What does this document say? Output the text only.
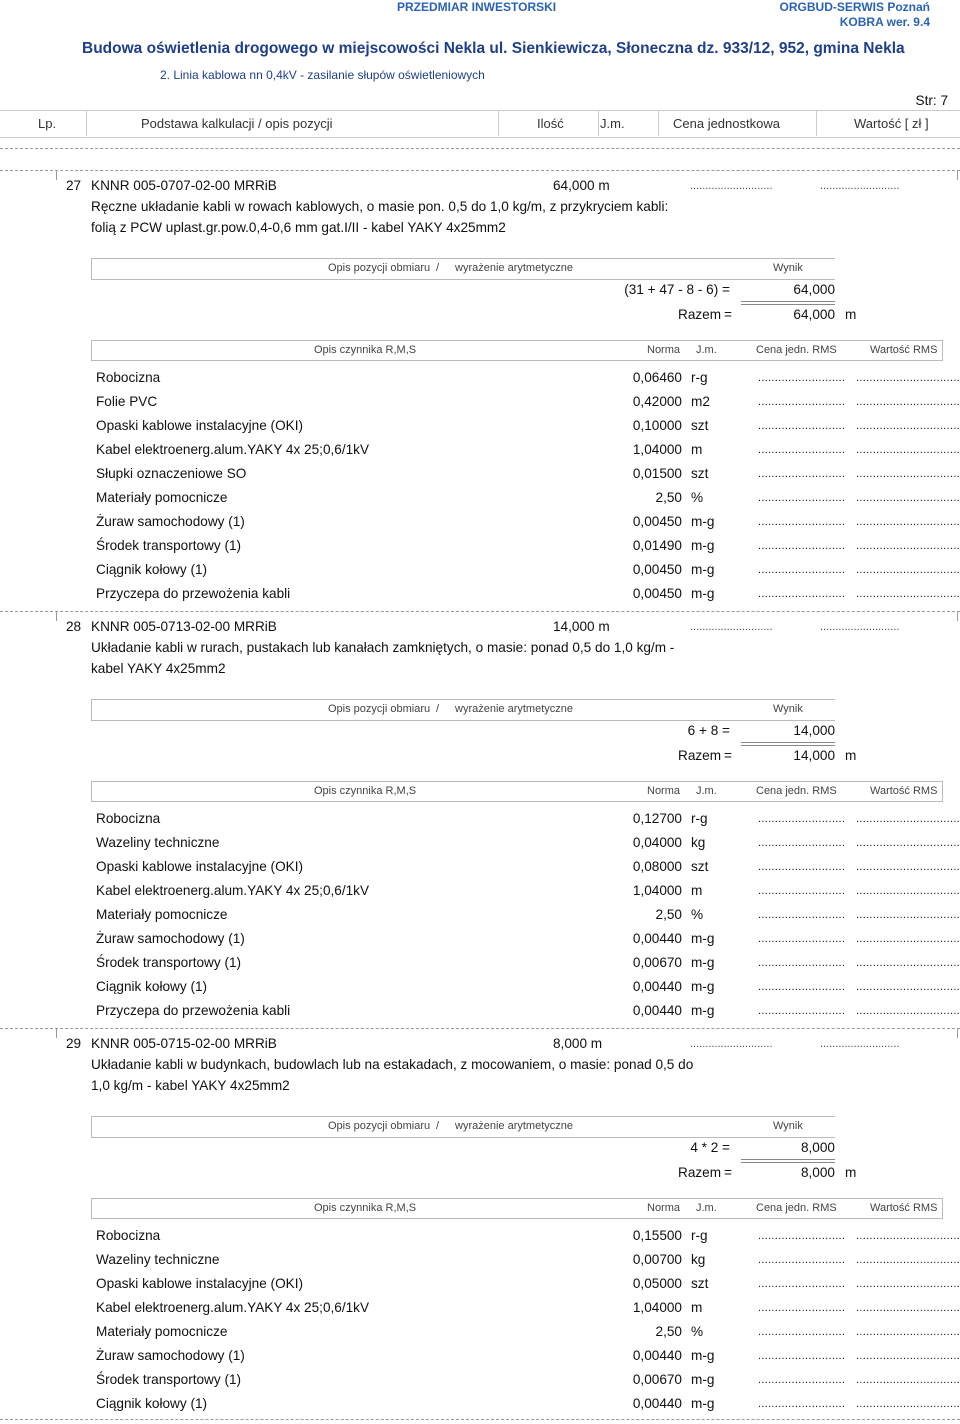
PRZEDMIAR INWESTORSKI	ORGBUD-SERWIS Poznań
KOBRA wer. 9.4
Budowa oświetlenia drogowego w miejscowości Nekla ul. Sienkiewicza, Słoneczna dz. 933/12, 952, gmina Nekla
2. Linia kablowa nn 0,4kV - zasilanie słupów oświetleniowych
Str: 7
Lp.	Podstawa kalkulacji / opis pozycji	Ilość	J.m.	Cena jednostkowa	Wartość [ zł ]
27 KNNR 005-0707-02-00 MRRiB	64,000 m	...........................	..........................
Ręczne układanie kabli w rowach kablowych, o masie pon. 0,5 do 1,0 kg/m, z przykryciem kabli:
folią z PCW uplast.gr.pow.0,4-0,6 mm gat.I/II - kabel YAKY 4x25mm2
Opis pozycji obmiaru / wyrażenie arytmetyczne	Wynik
(31 + 47 - 8 - 6) =	64,000
Razem =	64,000 m
Opis czynnika R,M,S	Norma J.m.	Cena jedn. RMS	Wartość RMS
Robocizna	0,06460 r-g	.......................... ...............................
Folie PVC	0,42000 m2	.......................... ...............................
Opaski kablowe instalacyjne (OKI)	0,10000 szt	.......................... ...............................
Kabel elektroenerg.alum.YAKY 4x 25;0,6/1kV	1,04000 m	.......................... ...............................
Słupki oznaczeniowe SO	0,01500 szt	.......................... ...............................
Materiały pomocnicze	2,50 %	.......................... ...............................
Żuraw samochodowy (1)	0,00450 m-g	.......................... ...............................
Środek transportowy (1)	0,01490 m-g	.......................... ...............................
Ciągnik kołowy (1)	0,00450 m-g	.......................... ...............................
Przyczepa do przewożenia kabli	0,00450 m-g	.......................... ...............................
28 KNNR 005-0713-02-00 MRRiB	14,000 m	...........................	..........................
Układanie kabli w rurach, pustakach lub kanałach zamkniętych, o masie: ponad 0,5 do 1,0 kg/m -
kabel YAKY 4x25mm2
Opis pozycji obmiaru / wyrażenie arytmetyczne	Wynik
6 + 8 =	14,000
Razem =	14,000 m
Opis czynnika R,M,S	Norma J.m.	Cena jedn. RMS	Wartość RMS
Robocizna	0,12700 r-g	.......................... ...............................
Wazeliny techniczne	0,04000 kg	.......................... ...............................
Opaski kablowe instalacyjne (OKI)	0,08000 szt	.......................... ...............................
Kabel elektroenerg.alum.YAKY 4x 25;0,6/1kV	1,04000 m	.......................... ...............................
Materiały pomocnicze	2,50 %	.......................... ...............................
Żuraw samochodowy (1)	0,00440 m-g	.......................... ...............................
Środek transportowy (1)	0,00670 m-g	.......................... ...............................
Ciągnik kołowy (1)	0,00440 m-g	.......................... ...............................
Przyczepa do przewożenia kabli	0,00440 m-g	.......................... ...............................
29 KNNR 005-0715-02-00 MRRiB	8,000 m	...........................	..........................
Układanie kabli w budynkach, budowlach lub na estakadach, z mocowaniem, o masie: ponad 0,5 do
1,0 kg/m - kabel YAKY 4x25mm2
Opis pozycji obmiaru / wyrażenie arytmetyczne	Wynik
4 * 2 =	8,000
Razem =	8,000 m
Opis czynnika R,M,S	Norma J.m.	Cena jedn. RMS	Wartość RMS
Robocizna	0,15500 r-g	.......................... ...............................
Wazeliny techniczne	0,00700 kg	.......................... ...............................
Opaski kablowe instalacyjne (OKI)	0,05000 szt	.......................... ...............................
Kabel elektroenerg.alum.YAKY 4x 25;0,6/1kV	1,04000 m	.......................... ...............................
Materiały pomocnicze	2,50 %	.......................... ...............................
Żuraw samochodowy (1)	0,00440 m-g	.......................... ...............................
Środek transportowy (1)	0,00670 m-g	.......................... ...............................
Ciągnik kołowy (1)	0,00440 m-g	.......................... ...............................
